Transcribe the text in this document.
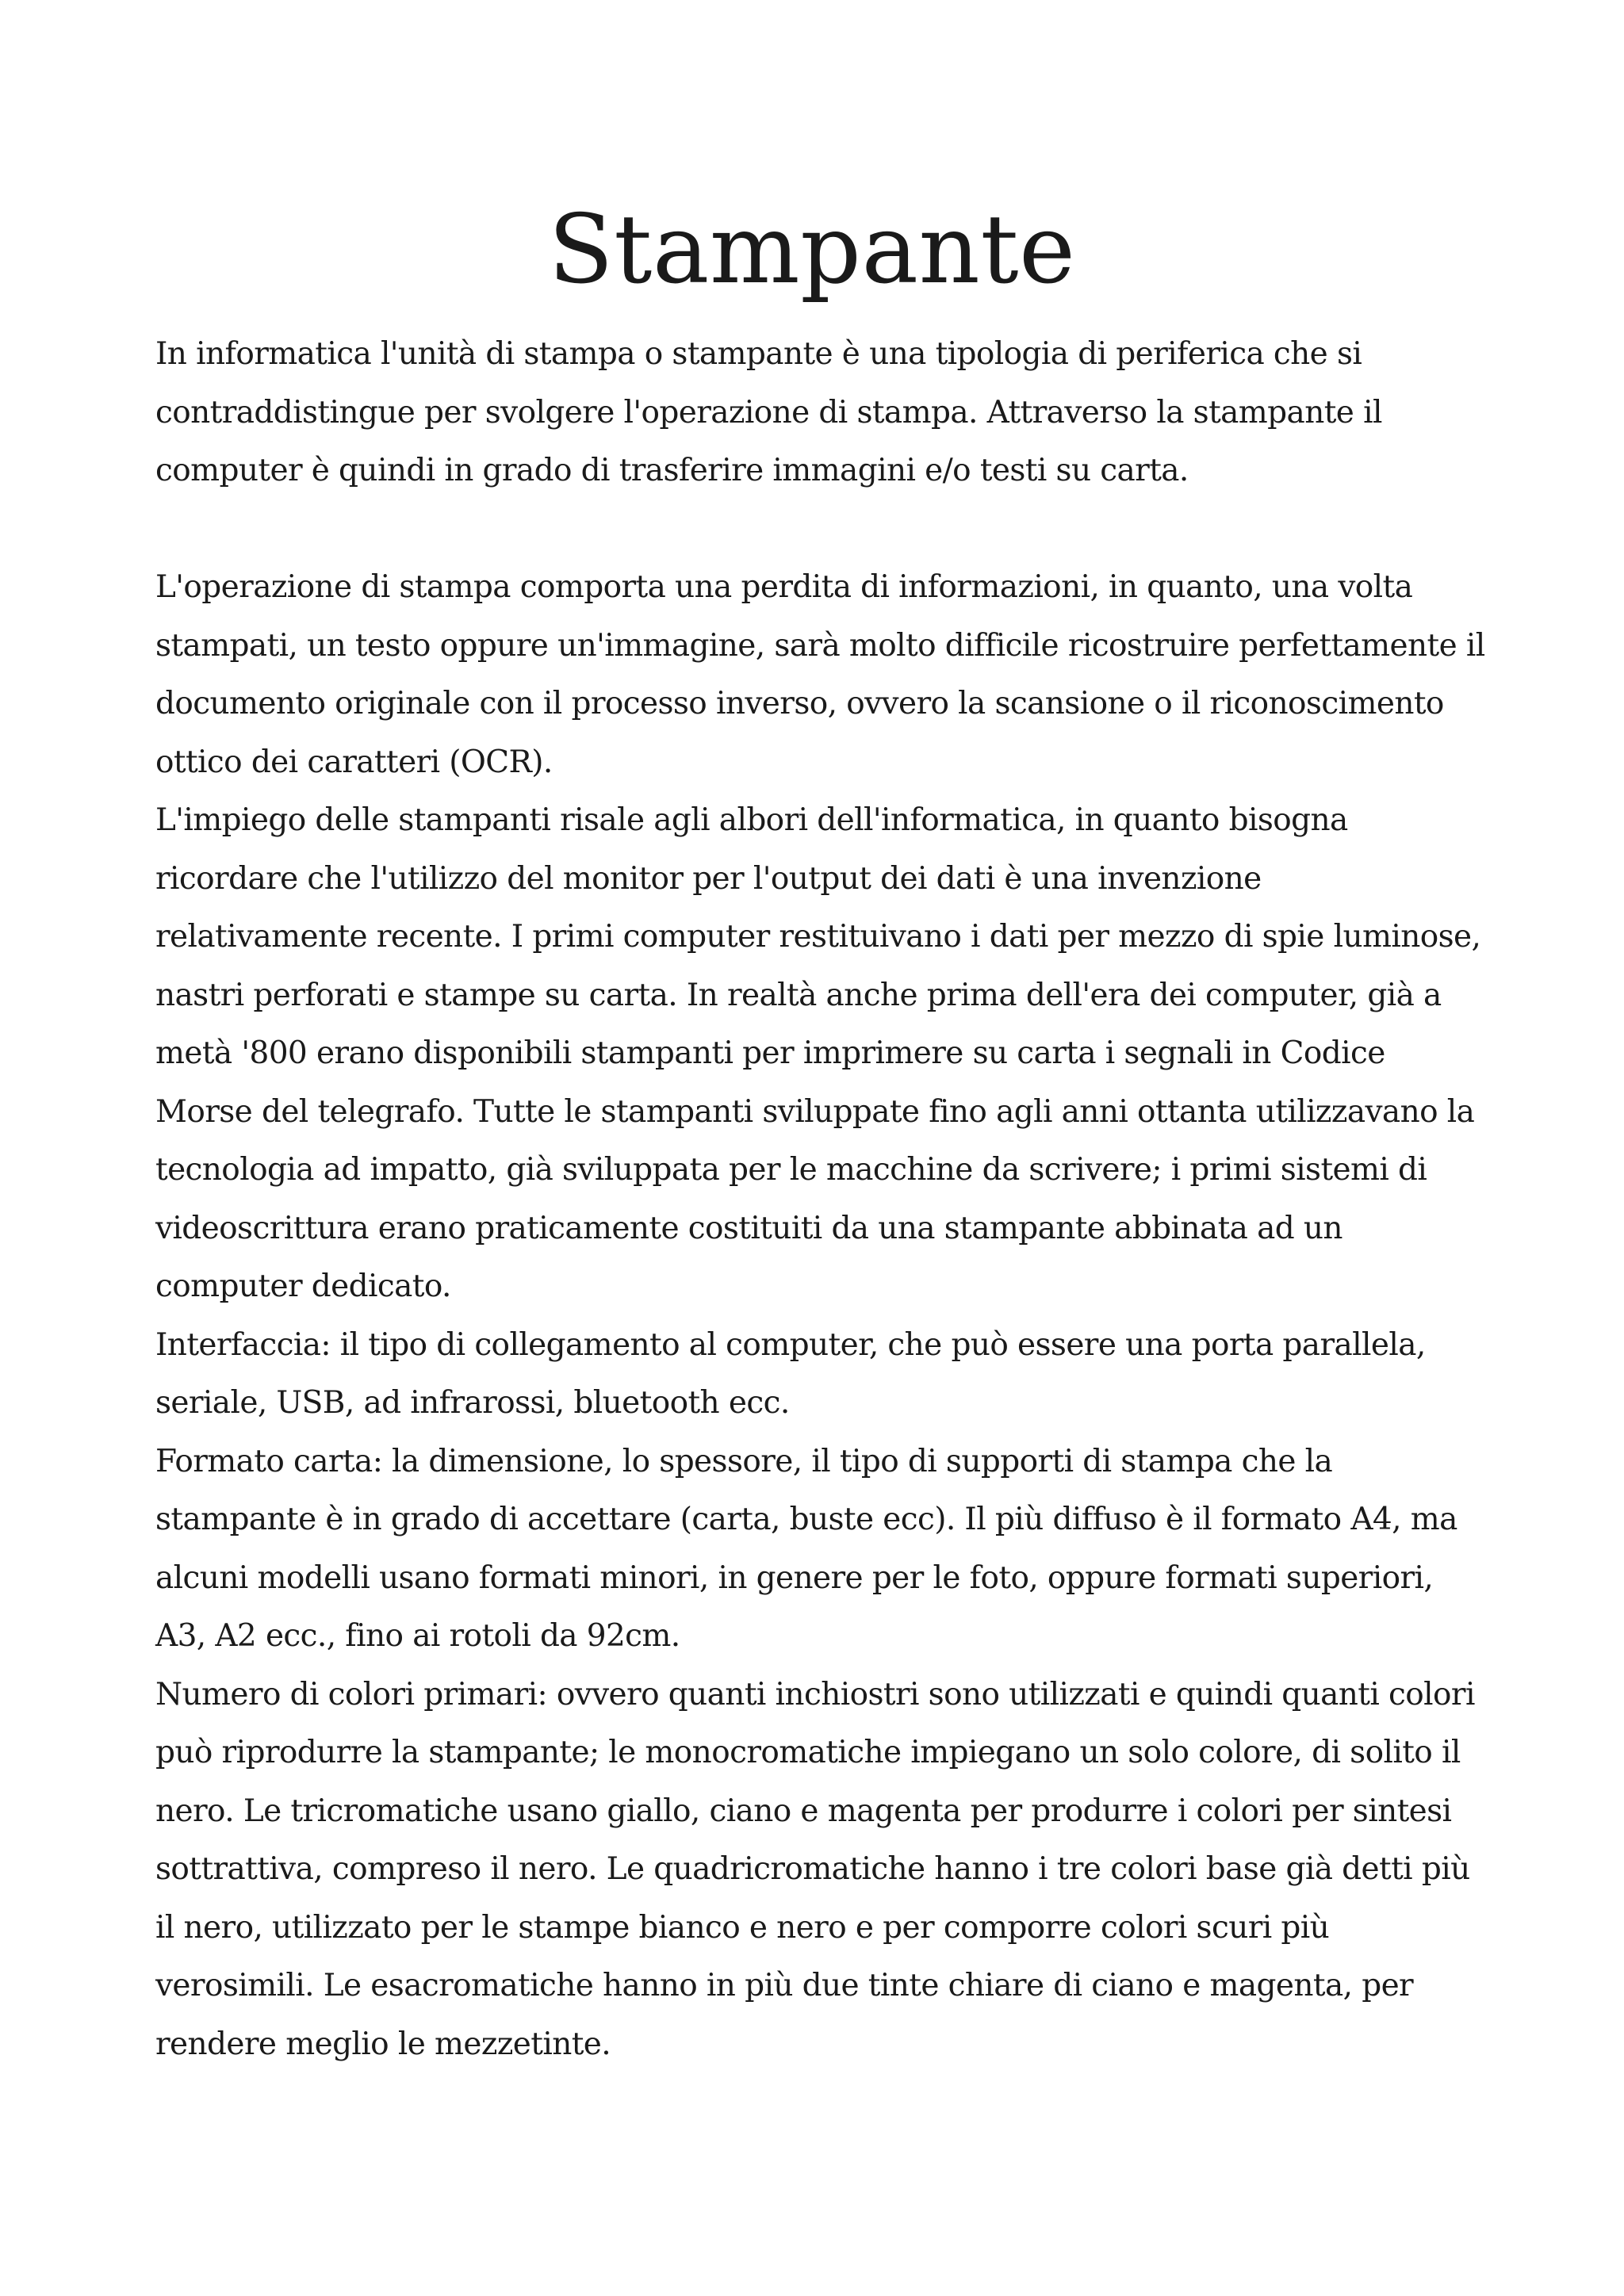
Stampante
In informatica l'unità di stampa o stampante è una tipologia di periferica che si
contraddistingue per svolgere l'operazione di stampa. Attraverso la stampante il
computer è quindi in grado di trasferire immagini e/o testi su carta.
L'operazione di stampa comporta una perdita di informazioni, in quanto, una volta
stampati, un testo oppure un'immagine, sarà molto difficile ricostruire perfettamente il
documento originale con il processo inverso, ovvero la scansione o il riconoscimento
ottico dei caratteri (OCR).
L'impiego delle stampanti risale agli albori dell'informatica, in quanto bisogna
ricordare che l'utilizzo del monitor per l'output dei dati è una invenzione
relativamente recente. I primi computer restituivano i dati per mezzo di spie luminose,
nastri perforati e stampe su carta. In realtà anche prima dell'era dei computer, già a
metà '800 erano disponibili stampanti per imprimere su carta i segnali in Codice
Morse del telegrafo. Tutte le stampanti sviluppate fino agli anni ottanta utilizzavano la
tecnologia ad impatto, già sviluppata per le macchine da scrivere; i primi sistemi di
videoscrittura erano praticamente costituiti da una stampante abbinata ad un
computer dedicato.
Interfaccia: il tipo di collegamento al computer, che può essere una porta parallela,
seriale, USB, ad infrarossi, bluetooth ecc.
Formato carta: la dimensione, lo spessore, il tipo di supporti di stampa che la
stampante è in grado di accettare (carta, buste ecc). Il più diffuso è il formato A4, ma
alcuni modelli usano formati minori, in genere per le foto, oppure formati superiori,
A3, A2 ecc., fino ai rotoli da 92cm.
Numero di colori primari: ovvero quanti inchiostri sono utilizzati e quindi quanti colori
può riprodurre la stampante; le monocromatiche impiegano un solo colore, di solito il
nero. Le tricromatiche usano giallo, ciano e magenta per produrre i colori per sintesi
sottrattiva, compreso il nero. Le quadricromatiche hanno i tre colori base già detti più
il nero, utilizzato per le stampe bianco e nero e per comporre colori scuri più
verosimili. Le esacromatiche hanno in più due tinte chiare di ciano e magenta, per
rendere meglio le mezzetinte.
